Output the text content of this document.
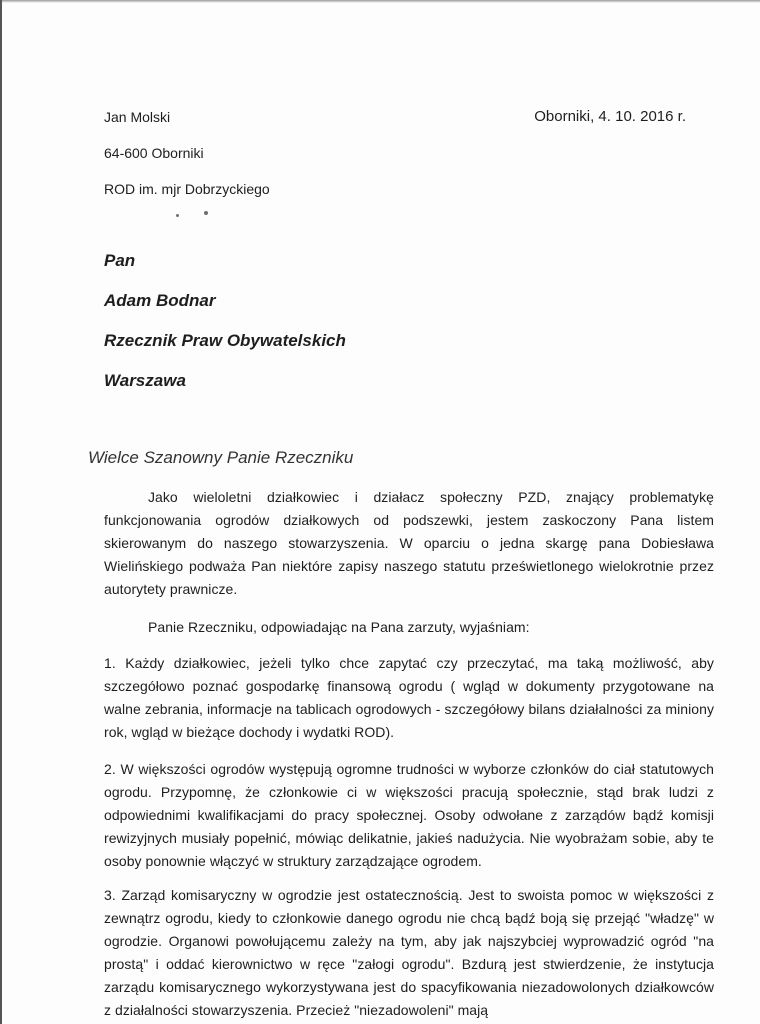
Jan Molski
64-600 Oborniki
ROD im. mjr Dobrzyckiego
Oborniki, 4. 10. 2016 r.
Pan
Adam Bodnar
Rzecznik Praw Obywatelskich
Warszawa
Wielce Szanowny Panie Rzeczniku

Jako wieloletni działkowiec i działacz społeczny PZD, znający problematykę funkcjonowania ogrodów działkowych od podszewki, jestem zaskoczony Pana listem skierowanym do naszego stowarzyszenia. W oparciu o jedna skargę pana Dobiesława Wielińskiego podważa Pan niektóre zapisy naszego statutu prześwietlonego wielokrotnie przez autorytety prawnicze.

Panie Rzeczniku, odpowiadając na Pana zarzuty, wyjaśniam:

1. Każdy działkowiec, jeżeli tylko chce zapytać czy przeczytać, ma taką możliwość, aby szczegółowo poznać gospodarkę finansową ogrodu ( wgląd w dokumenty przygotowane na walne zebrania, informacje na tablicach ogrodowych - szczegółowy bilans działalności za miniony rok, wgląd w bieżące dochody i wydatki ROD).

2. W większości ogrodów występują ogromne trudności w wyborze członków do ciał statutowych ogrodu. Przypomnę, że członkowie ci w większości pracują społecznie, stąd brak ludzi z odpowiednimi kwalifikacjami do pracy społecznej. Osoby odwołane z zarządów bądź komisji rewizyjnych musiały popełnić, mówiąc delikatnie, jakieś nadużycia. Nie wyobrażam sobie, aby te osoby ponownie włączyć w struktury zarządzające ogrodem.

3. Zarząd komisaryczny w ogrodzie jest ostatecznością. Jest to swoista pomoc w większości z zewnątrz ogrodu, kiedy to członkowie danego ogrodu nie chcą bądź boją się przejąć "władzę" w ogrodzie. Organowi powołującemu zależy na tym, aby jak najszybciej wyprowadzić ogród "na prostą" i oddać kierownictwo w ręce "załogi ogrodu". Bzdurą jest stwierdzenie, że instytucja zarządu komisarycznego wykorzystywana jest do spacyfikowania niezadowolonych działkowców z działalności stowarzyszenia. Przecież "niezadowoleni" mają
